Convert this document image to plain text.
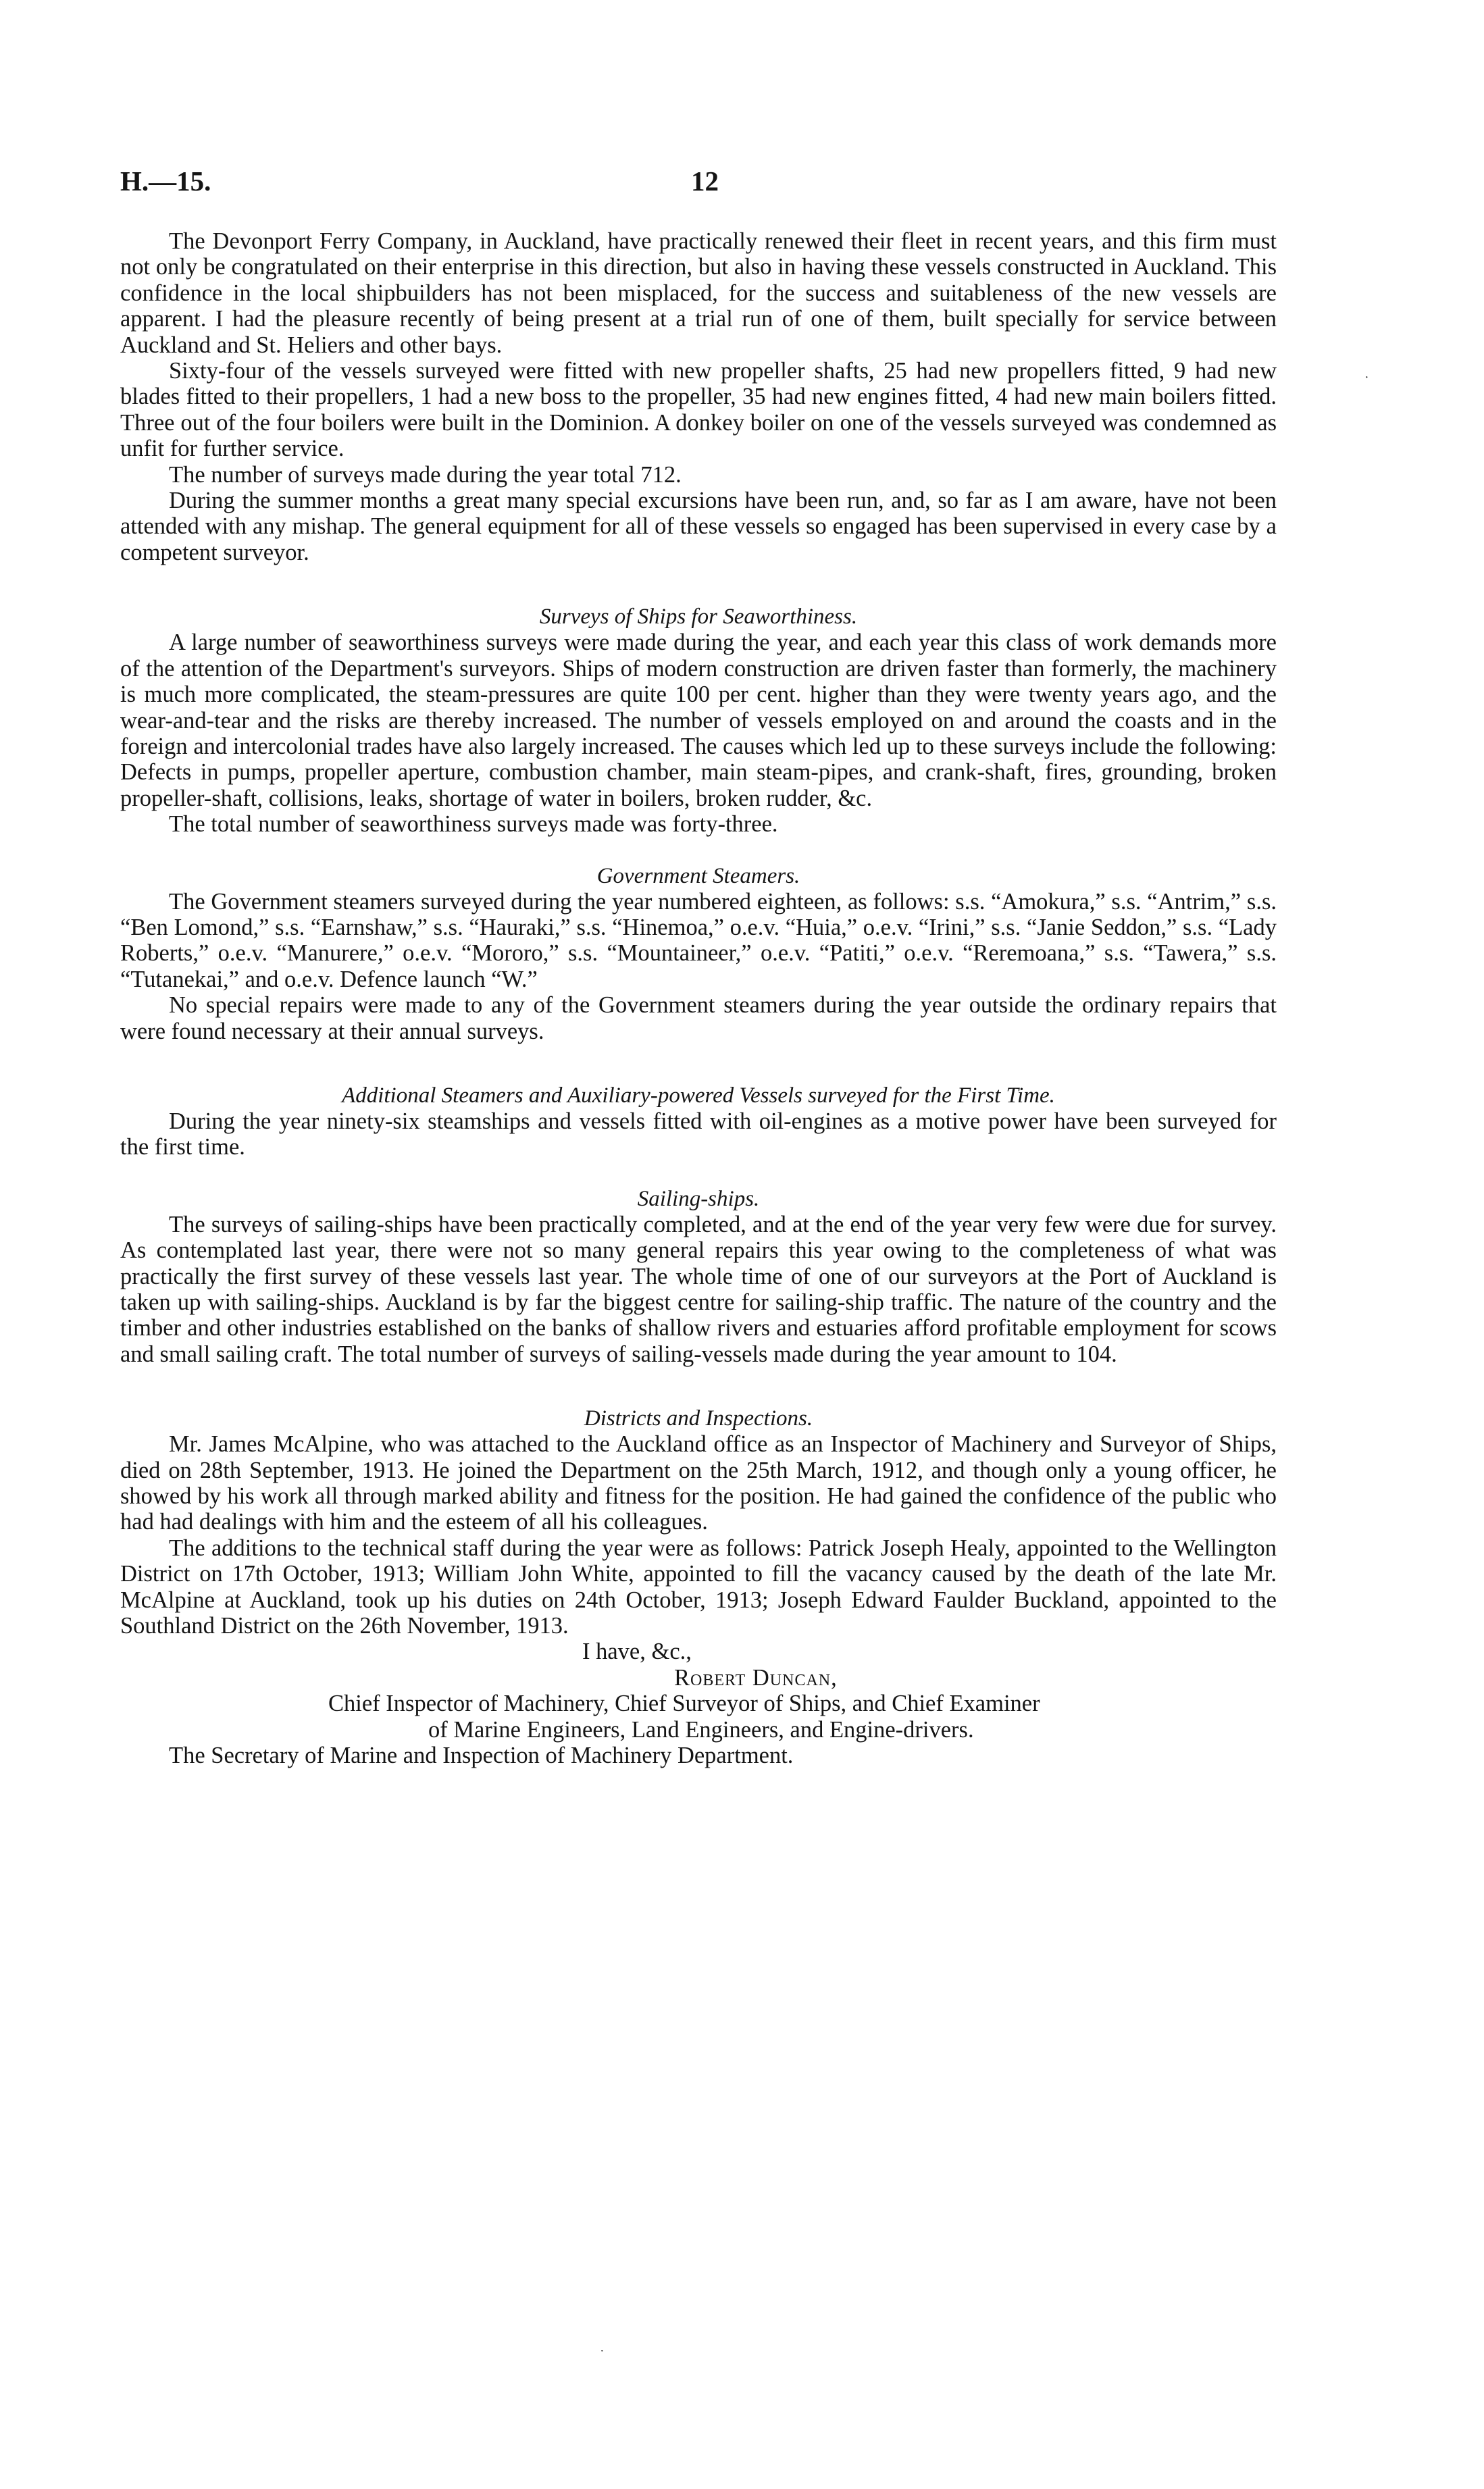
H.—15.	12

The Devonport Ferry Company, in Auckland, have practically renewed their fleet in recent years, and this firm must not only be congratulated on their enterprise in this direction, but also in having these vessels constructed in Auckland. This confidence in the local shipbuilders has not been misplaced, for the success and suitableness of the new vessels are apparent. I had the pleasure recently of being present at a trial run of one of them, built specially for service between Auckland and St. Heliers and other bays.

Sixty-four of the vessels surveyed were fitted with new propeller shafts, 25 had new propellers fitted, 9 had new blades fitted to their propellers, 1 had a new boss to the propeller, 35 had new engines fitted, 4 had new main boilers fitted. Three out of the four boilers were built in the Dominion. A donkey boiler on one of the vessels surveyed was condemned as unfit for further service.

The number of surveys made during the year total 712.

During the summer months a great many special excursions have been run, and, so far as I am aware, have not been attended with any mishap. The general equipment for all of these vessels so engaged has been supervised in every case by a competent surveyor.

Surveys of Ships for Seaworthiness.

A large number of seaworthiness surveys were made during the year, and each year this class of work demands more of the attention of the Department's surveyors. Ships of modern construction are driven faster than formerly, the machinery is much more complicated, the steam-pressures are quite 100 per cent. higher than they were twenty years ago, and the wear-and-tear and the risks are thereby increased. The number of vessels employed on and around the coasts and in the foreign and intercolonial trades have also largely increased. The causes which led up to these surveys include the following: Defects in pumps, propeller aperture, combustion chamber, main steam-pipes, and crank-shaft, fires, grounding, broken propeller-shaft, collisions, leaks, shortage of water in boilers, broken rudder, &c.

The total number of seaworthiness surveys made was forty-three.

Government Steamers.

The Government steamers surveyed during the year numbered eighteen, as follows: s.s. “Amokura,” s.s. “Antrim,” s.s. “Ben Lomond,” s.s. “Earnshaw,” s.s. “Hauraki,” s.s. “Hinemoa,” o.e.v. “Huia,” o.e.v. “Irini,” s.s. “Janie Seddon,” s.s. “Lady Roberts,” o.e.v. “Manurere,” o.e.v. “Mororo,” s.s. “Mountaineer,” o.e.v. “Patiti,” o.e.v. “Reremoana,” s.s. “Tawera,” s.s. “Tutanekai,” and o.e.v. Defence launch “W.”

No special repairs were made to any of the Government steamers during the year outside the ordinary repairs that were found necessary at their annual surveys.

Additional Steamers and Auxiliary-powered Vessels surveyed for the First Time.

During the year ninety-six steamships and vessels fitted with oil-engines as a motive power have been surveyed for the first time.

Sailing-ships.

The surveys of sailing-ships have been practically completed, and at the end of the year very few were due for survey. As contemplated last year, there were not so many general repairs this year owing to the completeness of what was practically the first survey of these vessels last year. The whole time of one of our surveyors at the Port of Auckland is taken up with sailing-ships. Auckland is by far the biggest centre for sailing-ship traffic. The nature of the country and the timber and other industries established on the banks of shallow rivers and estuaries afford profitable employment for scows and small sailing craft. The total number of surveys of sailing-vessels made during the year amount to 104.

Districts and Inspections.

Mr. James McAlpine, who was attached to the Auckland office as an Inspector of Machinery and Surveyor of Ships, died on 28th September, 1913. He joined the Department on the 25th March, 1912, and though only a young officer, he showed by his work all through marked ability and fitness for the position. He had gained the confidence of the public who had had dealings with him and the esteem of all his colleagues.

The additions to the technical staff during the year were as follows: Patrick Joseph Healy, appointed to the Wellington District on 17th October, 1913; William John White, appointed to fill the vacancy caused by the death of the late Mr. McAlpine at Auckland, took up his duties on 24th October, 1913; Joseph Edward Faulder Buckland, appointed to the Southland District on the 26th November, 1913.

I have, &c.,
Robert Duncan,
Chief Inspector of Machinery, Chief Surveyor of Ships, and Chief Examiner
of Marine Engineers, Land Engineers, and Engine-drivers.
The Secretary of Marine and Inspection of Machinery Department.
·
·
